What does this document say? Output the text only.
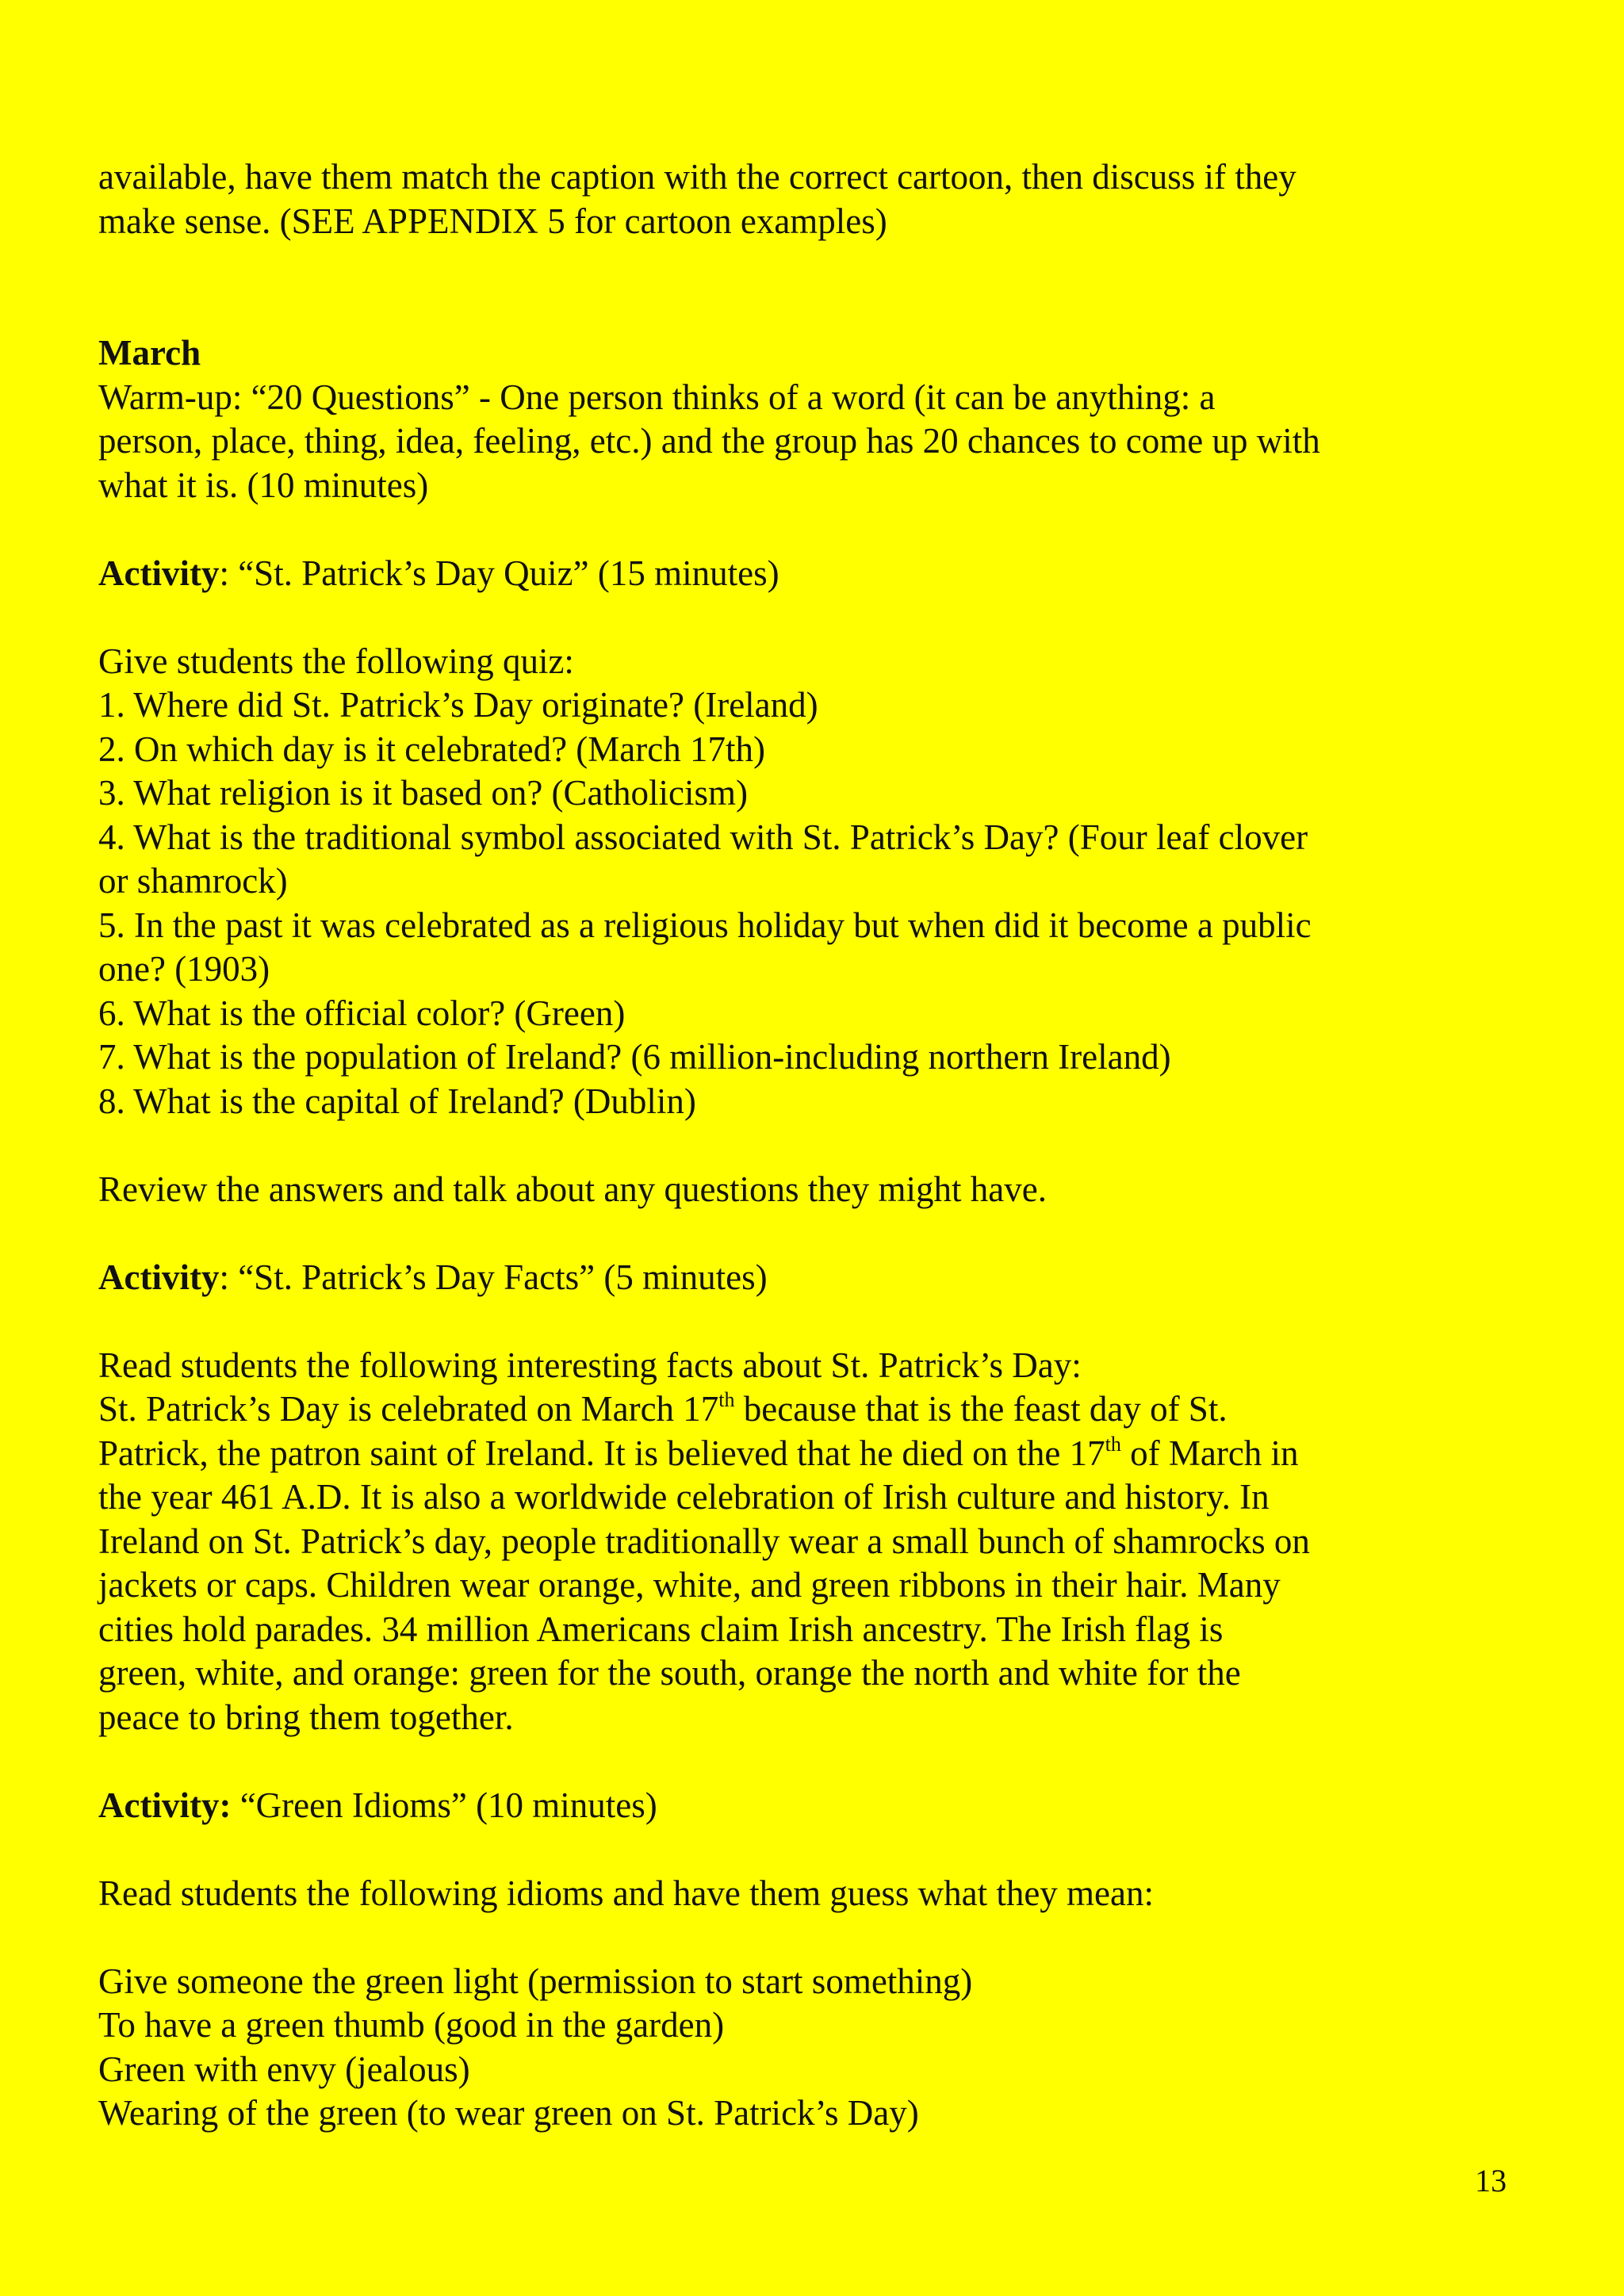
available, have them match the caption with the correct cartoon, then discuss if they
make sense. (SEE APPENDIX 5 for cartoon examples)

March

Warm-up: “20 Questions” - One person thinks of a word (it can be anything: a
person, place, thing, idea, feeling, etc.) and the group has 20 chances to come up with
what it is. (10 minutes)

Activity: “St. Patrick’s Day Quiz” (15 minutes)

Give students the following quiz:

1. Where did St. Patrick’s Day originate? (Ireland)
2. On which day is it celebrated? (March 17th)
3. What religion is it based on? (Catholicism)
4. What is the traditional symbol associated with St. Patrick’s Day? (Four leaf clover
or shamrock)
5. In the past it was celebrated as a religious holiday but when did it become a public
one? (1903)
6. What is the official color? (Green)
7. What is the population of Ireland? (6 million-including northern Ireland)
8. What is the capital of Ireland? (Dublin)

Review the answers and talk about any questions they might have.

Activity: “St. Patrick’s Day Facts” (5 minutes)

Read students the following interesting facts about St. Patrick’s Day:

St. Patrick’s Day is celebrated on March 17th because that is the feast day of St.
Patrick, the patron saint of Ireland. It is believed that he died on the 17th of March in
the year 461 A.D. It is also a worldwide celebration of Irish culture and history. In
Ireland on St. Patrick’s day, people traditionally wear a small bunch of shamrocks on
jackets or caps. Children wear orange, white, and green ribbons in their hair. Many
cities hold parades. 34 million Americans claim Irish ancestry. The Irish flag is
green, white, and orange: green for the south, orange the north and white for the
peace to bring them together.

Activity: “Green Idioms” (10 minutes)

Read students the following idioms and have them guess what they mean:

Give someone the green light (permission to start something)
To have a green thumb (good in the garden)
Green with envy (jealous)
Wearing of the green (to wear green on St. Patrick’s Day)
13
